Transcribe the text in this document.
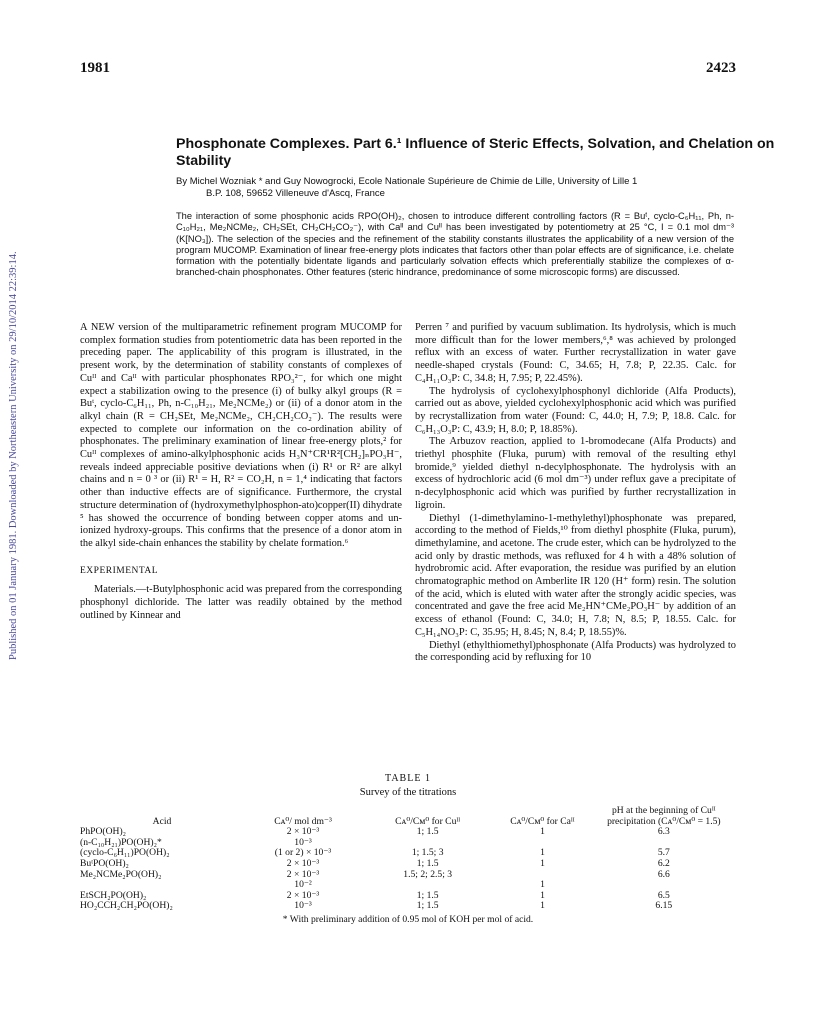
1981	2423
Published on 01 January 1981. Downloaded by Northeastern University on 29/10/2014 22:39:14.
Phosphonate Complexes. Part 6.¹ Influence of Steric Effects, Solvation, and Chelation on Stability
By Michel Wozniak * and Guy Nowogrocki, Ecole Nationale Supérieure de Chimie de Lille, University of Lille 1
B.P. 108, 59652 Villeneuve d'Ascq, France
The interaction of some phosphonic acids RPO(OH)₂, chosen to introduce different controlling factors (R = Buᵗ, cyclo-C₆H₁₁, Ph, n-C₁₀H₂₁, Me₂NCMe₂, CH₂SEt, CH₂CH₂CO₂⁻), with Caᴵᴵ and Cuᴵᴵ has been investigated by potentiometry at 25 °C, I = 0.1 mol dm⁻³ (K[NO₃]). The selection of the species and the refinement of the stability constants illustrates the applicability of a new version of the program MUCOMP. Examination of linear free-energy plots indicates that factors other than polar effects are of significance, i.e. chelate formation with the potentially bidentate ligands and particularly solvation effects which preferentially stabilize the complexes of α-branched-chain phosphonates. Other features (steric hindrance, predominance of some microscopic forms) are discussed.

A NEW version of the multiparametric refinement program MUCOMP for complex formation studies from potentiometric data has been reported in the preceding paper. The applicability of this program is illustrated, in the present work, by the determination of stability constants of complexes of Cuᴵᴵ and Caᴵᴵ with particular phosphonates RPO₃²⁻, for which one might expect a stabilization owing to the presence (i) of bulky alkyl groups (R = Buᵗ, cyclo-C₆H₁₁, Ph, n-C₁₀H₂₁, Me₂NCMe₂) or (ii) of a donor atom in the alkyl chain (R = CH₂SEt, Me₂NCMe₂, CH₂CH₂CO₂⁻). The results were expected to complete our information on the co-ordination ability of phosphonates. The preliminary examination of linear free-energy plots,² for Cuᴵᴵ complexes of amino-alkylphosphonic acids H₃N⁺CR¹R²[CH₂]ₙPO₃H⁻, reveals indeed appreciable positive deviations when (i) R¹ or R² are alkyl chains and n = 0 ³ or (ii) R¹ = H, R² = CO₂H, n = 1,⁴ indicating that factors other than inductive effects are of significance. Furthermore, the crystal structure determination of (hydroxymethylphosphon-ato)copper(II) dihydrate ⁵ has showed the occurrence of bonding between copper atoms and un-ionized hydroxy-groups. This confirms that the presence of a donor atom in the alkyl side-chain enhances the stability by chelate formation.⁶

EXPERIMENTAL

Materials.—t-Butylphosphonic acid was prepared from the corresponding phosphonyl dichloride. The latter was readily obtained by the method outlined by Kinnear and

Perren ⁷ and purified by vacuum sublimation. Its hydrolysis, which is much more difficult than for the lower members,⁶,⁸ was achieved by prolonged reflux with an excess of water. Further recrystallization in water gave needle-shaped crystals (Found: C, 34.65; H, 7.8; P, 22.35. Calc. for C₄H₁₁O₃P: C, 34.8; H, 7.95; P, 22.45%).

The hydrolysis of cyclohexylphosphonyl dichloride (Alfa Products), carried out as above, yielded cyclohexylphosphonic acid which was purified by recrystallization from water (Found: C, 44.0; H, 7.9; P, 18.8. Calc. for C₆H₁₃O₃P: C, 43.9; H, 8.0; P, 18.85%).

The Arbuzov reaction, applied to 1-bromodecane (Alfa Products) and triethyl phosphite (Fluka, purum) with removal of the resulting ethyl bromide,⁹ yielded diethyl n-decylphosphonate. The hydrolysis with an excess of hydrochloric acid (6 mol dm⁻³) under reflux gave a precipitate of n-decylphosphonic acid which was purified by further recrystallization in ligroin.

Diethyl (1-dimethylamino-1-methylethyl)phosphonate was prepared, according to the method of Fields,¹⁰ from diethyl phosphite (Fluka, purum), dimethylamine, and acetone. The crude ester, which can be hydrolyzed to the acid only by drastic methods, was refluxed for 4 h with a 48% solution of hydrobromic acid. After evaporation, the residue was purified by an elution chromatographic method on Amberlite IR 120 (H⁺ form) resin. The solution of the acid, which is eluted with water after the strongly acidic species, was concentrated and gave the free acid Me₂HN⁺CMe₂PO₃H⁻ by addition of an excess of ethanol (Found: C, 34.0; H, 7.8; N, 8.5; P, 18.55. Calc. for C₅H₁₄NO₃P: C, 35.95; H, 8.45; N, 8.4; P, 18.55)%.

Diethyl (ethylthiomethyl)phosphonate (Alfa Products) was hydrolyzed to the corresponding acid by refluxing for 10

TABLE 1
Survey of the titrations
Acid	Cᴀ⁰/ mol dm⁻³	Cᴀ⁰/Cᴍ⁰ for Cuᴵᴵ	Cᴀ⁰/Cᴍ⁰ for Caᴵᴵ	pH at the beginning of Cuᴵᴵ precipitation (Cᴀ⁰/Cᴍ⁰ = 1.5)
PhPO(OH)₂	2 × 10⁻³	1; 1.5	1	6.3
(n-C₁₀H₂₁)PO(OH)₂*	10⁻³			
(cyclo-C₆H₁₁)PO(OH)₂	(1 or 2) × 10⁻³	1; 1.5; 3	1	5.7
BuᵗPO(OH)₂	2 × 10⁻³	1; 1.5	1	6.2
Me₂NCMe₂PO(OH)₂	2 × 10⁻³	1.5; 2; 2.5; 3		6.6
	10⁻²		1	
EtSCH₂PO(OH)₂	2 × 10⁻³	1; 1.5	1	6.5
HO₂CCH₂CH₂PO(OH)₂	10⁻³	1; 1.5	1	6.15
* With preliminary addition of 0.95 mol of KOH per mol of acid.
